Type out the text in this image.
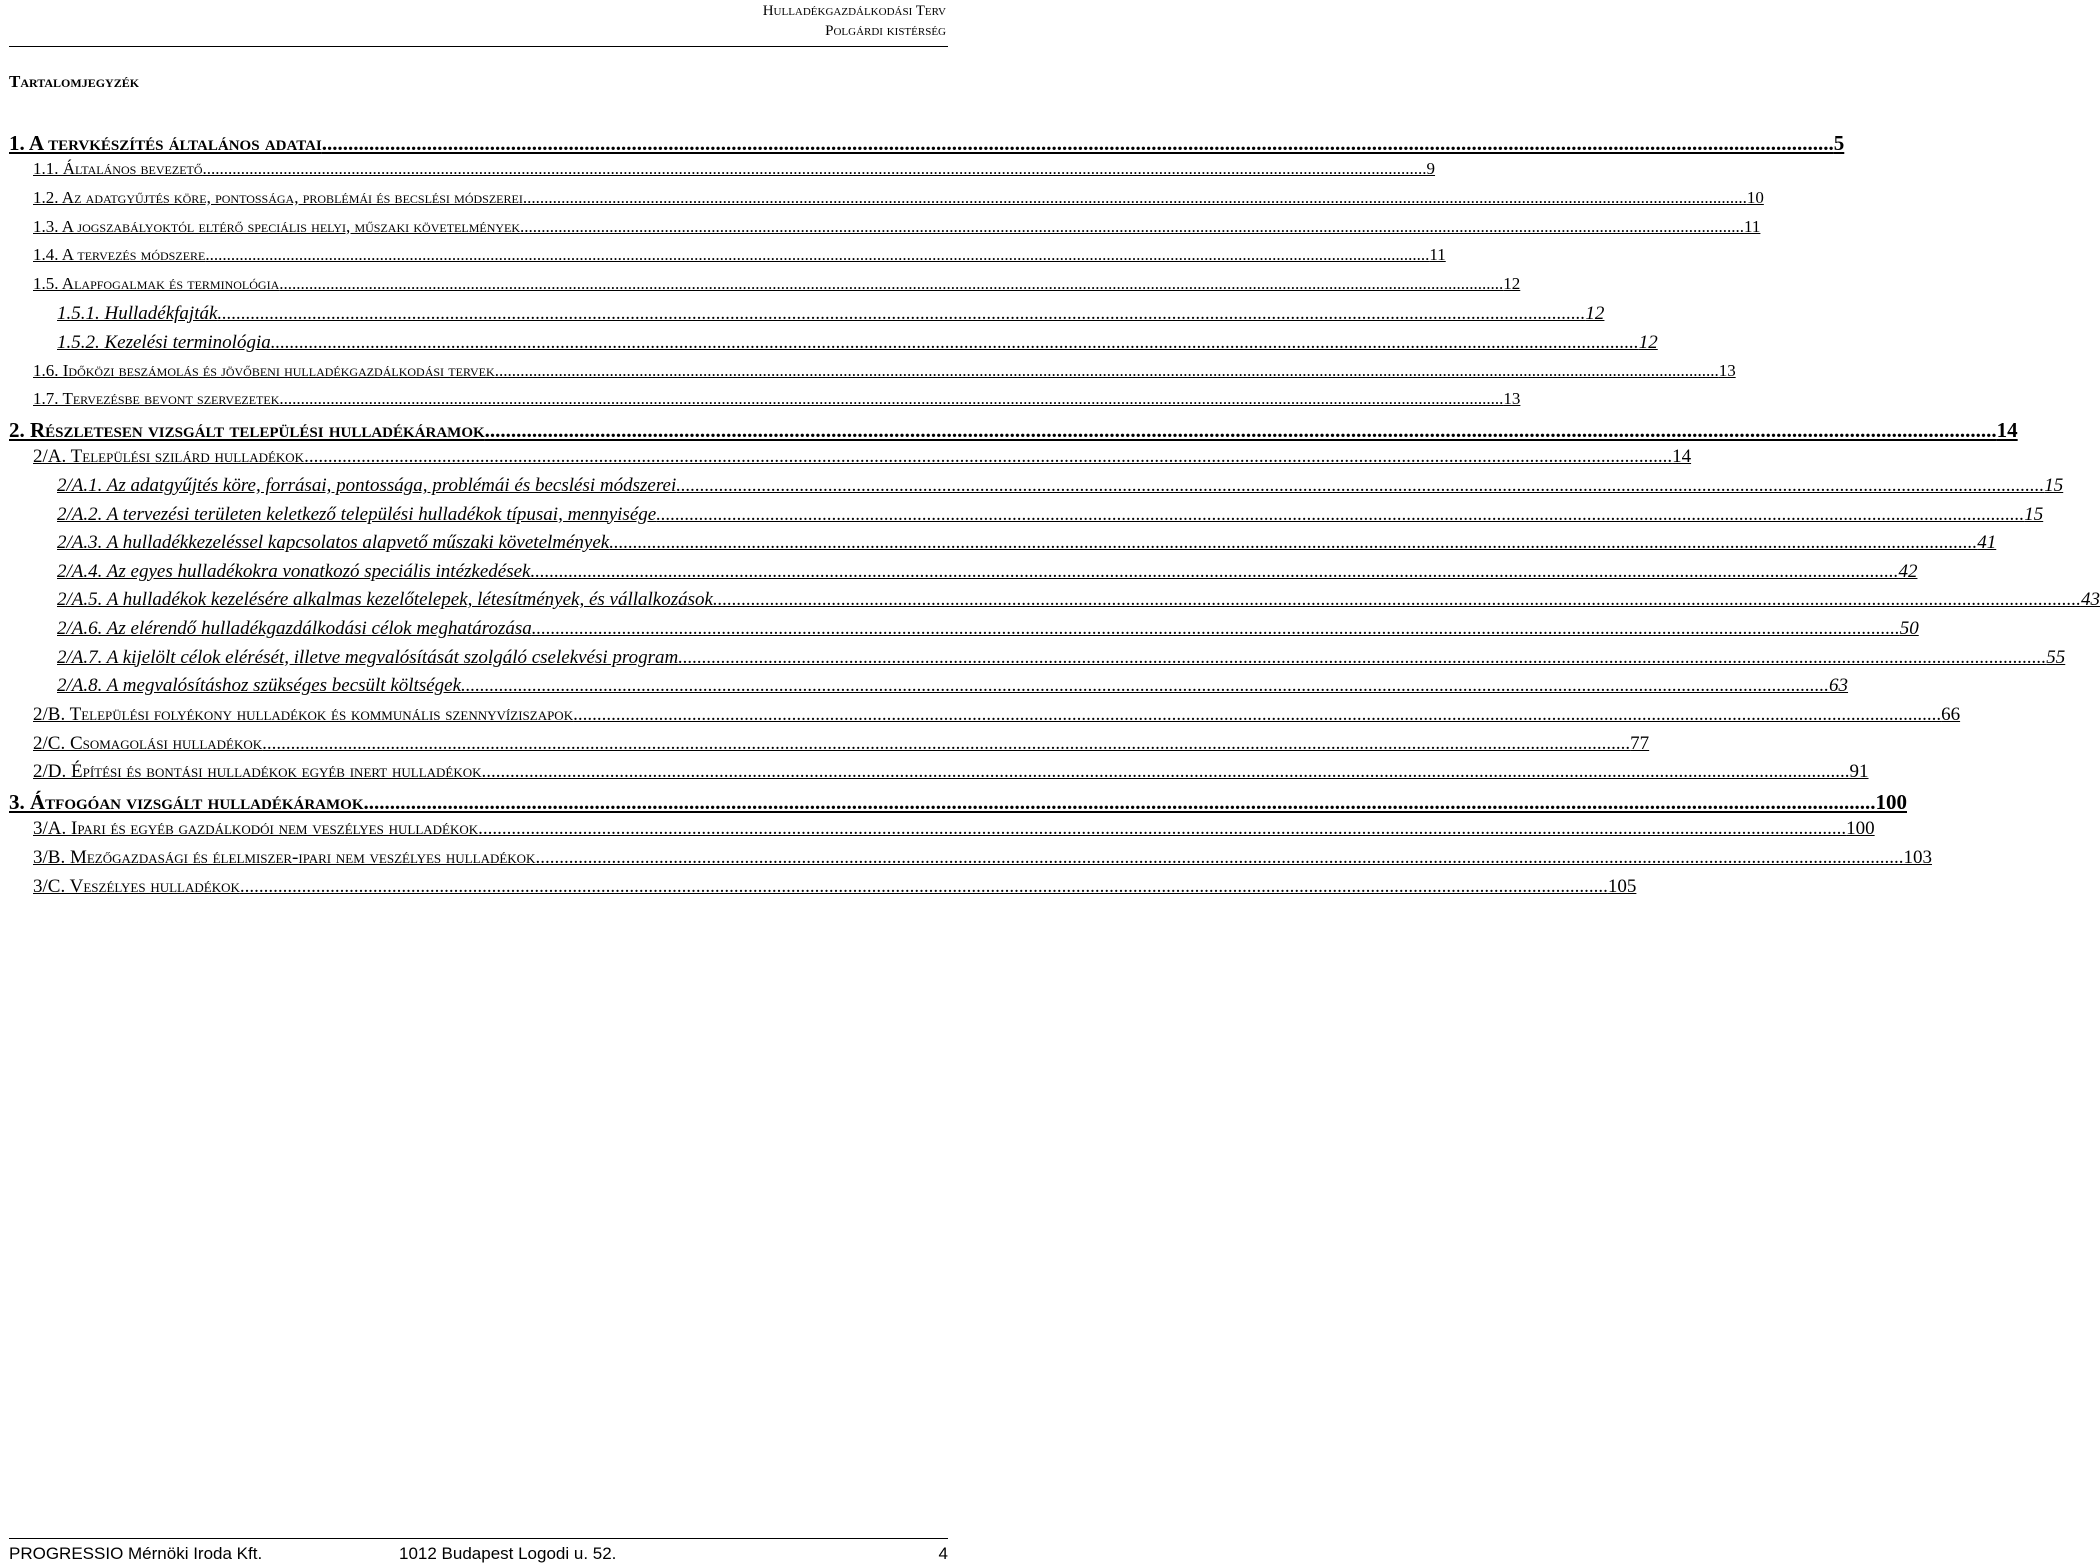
Hulladékgazdálkodási Terv
Polgárdi kistérség
Tartalomjegyzék
1. A tervkészítés általános adatai .....	5
1.1. Általános bevezető .....	9
1.2. Az adatgyűjtés köre, pontossága, problémái és becslési módszerei .....	10
1.3. A jogszabályoktól eltérő speciális helyi, műszaki követelmények .....	11
1.4. A tervezés módszere .....	11
1.5. Alapfogalmak és terminológia .....	12
1.5.1. Hulladékfajták .....	12
1.5.2. Kezelési terminológia .....	12
1.6. Időközi beszámolás és jövőbeni hulladékgazdálkodási tervek .....	13
1.7. Tervezésbe bevont szervezetek .....	13
2. Részletesen vizsgált települési hulladékáramok .....	14
2/A. Települési szilárd hulladékok .....	14
2/A.1. Az adatgyűjtés köre, forrásai, pontossága, problémái és becslési módszerei .....	15
2/A.2. A tervezési területen keletkező települési hulladékok típusai, mennyisége .....	15
2/A.3. A hulladékkezeléssel kapcsolatos alapvető műszaki követelmények .....	41
2/A.4. Az egyes hulladékokra vonatkozó speciális intézkedések .....	42
2/A.5. A hulladékok kezelésére alkalmas kezelőtelepek, létesítmények, és vállalkozások .....	43
2/A.6. Az elérendő hulladékgazdálkodási célok meghatározása .....	50
2/A.7. A kijelölt célok elérését, illetve megvalósítását szolgáló cselekvési program .....	55
2/A.8. A megvalósításhoz szükséges becsült költségek .....	63
2/B. Települési folyékony hulladékok és kommunális szennyvíziszapok .....	66
2/C. Csomagolási hulladékok .....	77
2/D. Építési és bontási hulladékok egyéb inert hulladékok .....	91
3. Átfogóan vizsgált hulladékáramok .....	100
3/A. Ipari és egyéb gazdálkodói nem veszélyes hulladékok .....	100
3/B. Mezőgazdasági és élelmiszer-ipari nem veszélyes hulladékok .....	103
3/C. Veszélyes hulladékok .....	105
PROGRESSIO Mérnöki Iroda Kft.	1012 Budapest Logodi u. 52.	4
